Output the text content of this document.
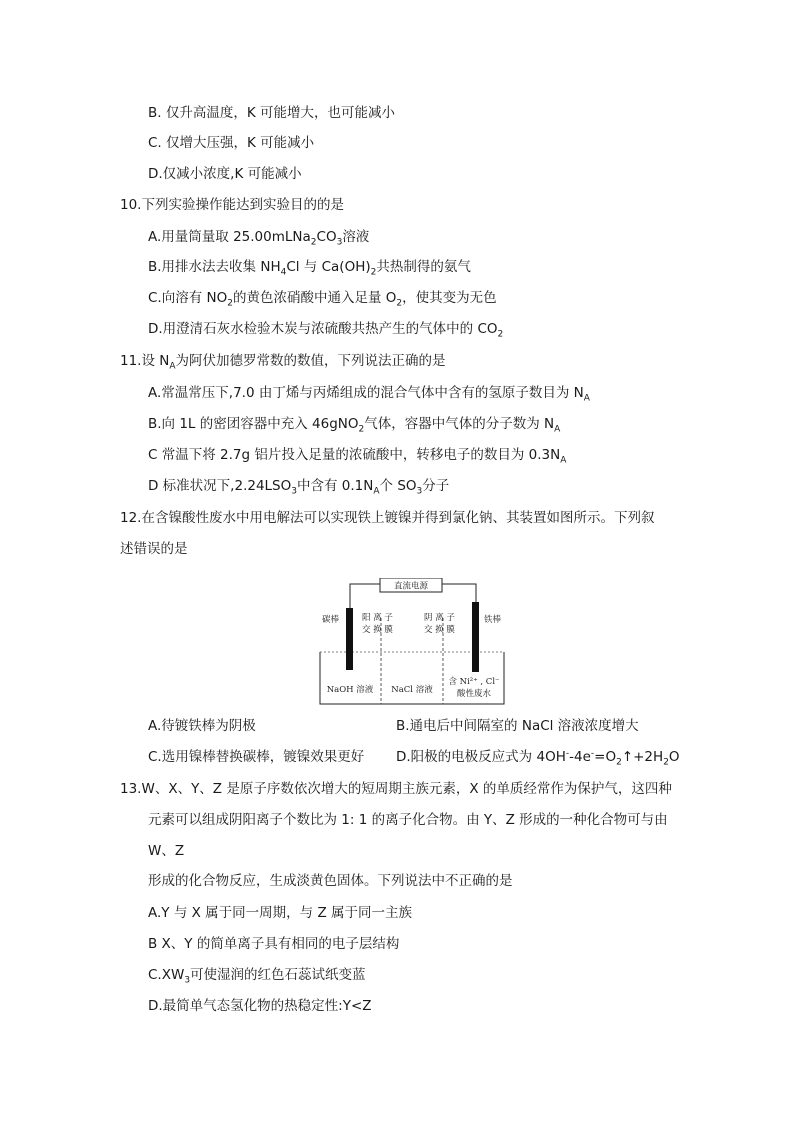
B. 仅升高温度，K 可能增大，也可能减小
C. 仅增大压强，K 可能减小
D.仅减小浓度,K 可能减小
10.下列实验操作能达到实验目的的是
A.用量筒量取 $25.00mLNa_2CO_3$溶液
B.用排水法去收集 $NH_4Cl$ 与 $Ca(OH)_2$共热制得的氨气
C.向溶有 $NO_2$的黄色浓硝酸中通入足量 $O_2$，使其变为无色
D.用澄清石灰水检验木炭与浓硫酸共热产生的气体中的 $CO_2$
11.设 $N_A$为阿伏加德罗常数的数值，下列说法正确的是
A.常温常压下,7.0 由丁烯与丙烯组成的混合气体中含有的氢原子数目为 $N_A$
B.向 1L 的密团容器中充入 46gNO$_2$气体，容器中气体的分子数为 $N_A$
C 常温下将 2.7g 铝片投入足量的浓硫酸中，转移电子的数目为 $0.3N_A$
D 标准状况下$,2.24LSO_3$中含有 $0.1N_A$个 $SO_3$分子
12.在含镍酸性废水中用电解法可以实现铁上镀镍并得到氯化钠、其装置如图所示。下列叙
述错误的是
直流电源
碳棒	铁棒
阳 离 子
交 换 膜
阴 离 子
交 换 膜
NaOH 溶液 NaCl 溶液
含 Ni²⁺ , Cl⁻
酸性废水
A.待镀铁棒为阴极	B.通电后中间隔室的 NaCl 溶液浓度增大
C.选用镍棒替换碳棒，镀镍效果更好 D.阳极的电极反应式为 $4OH^--4e^-=O_2↑+2H_2O$
13.W、X、Y、Z 是原子序数依次增大的短周期主族元素，X 的单质经常作为保护气，这四种
元素可以组成阴阳离子个数比为 1: 1 的离子化合物。由 Y、Z 形成的一种化合物可与由
W、Z
形成的化合物反应，生成淡黄色固体。下列说法中不正确的是
A.Y 与 X 属于同一周期，与 Z 属于同一主族
B X、Y 的简单离子具有相同的电子层结构
$C.XW_3$可使湿润的红色石蕊试纸变蓝
D.最简单气态氢化物的热稳定性:Y<Z
